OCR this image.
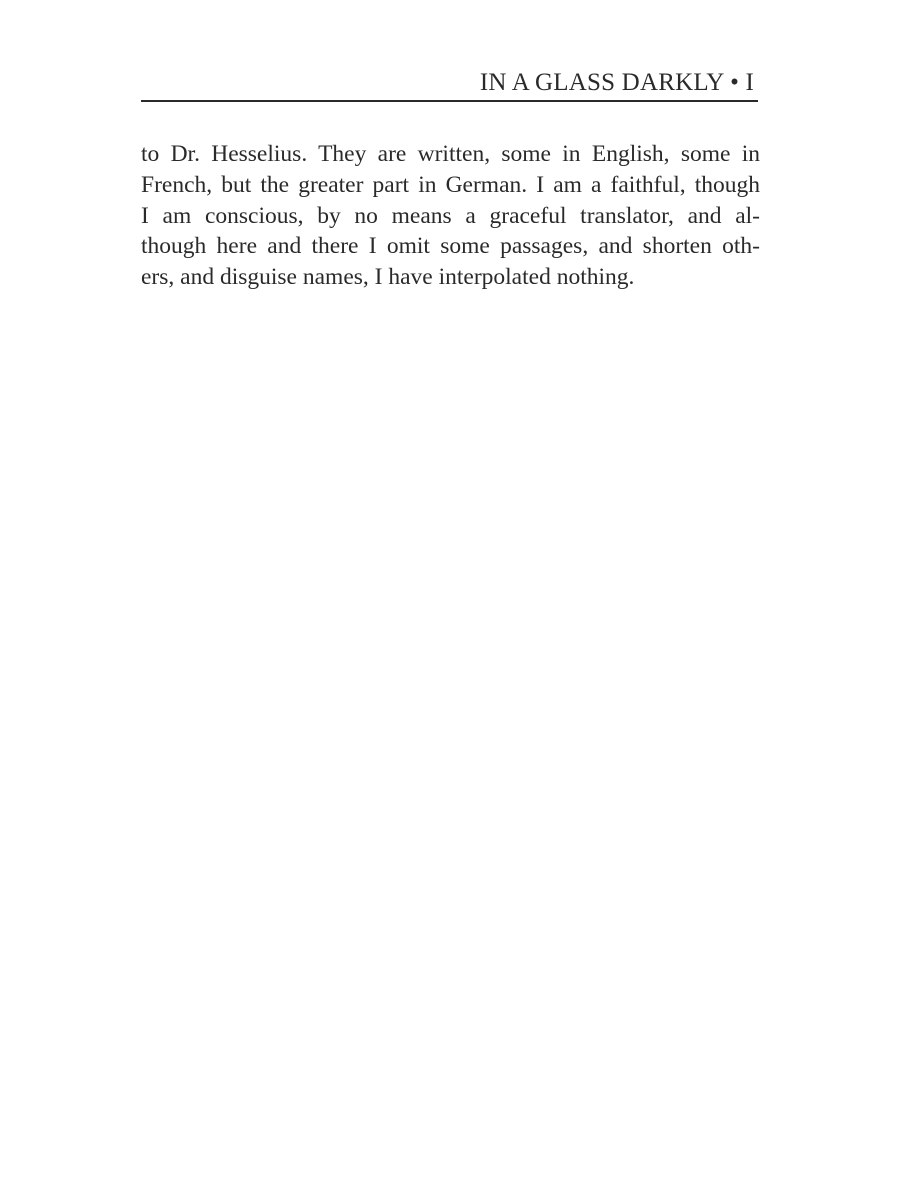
IN A GLASS DARKLY • I
to Dr. Hesselius. They are written, some in English, some in
French, but the greater part in German. I am a faithful, though
I am conscious, by no means a graceful translator, and al-
though here and there I omit some passages, and shorten oth-
ers, and disguise names, I have interpolated nothing.
